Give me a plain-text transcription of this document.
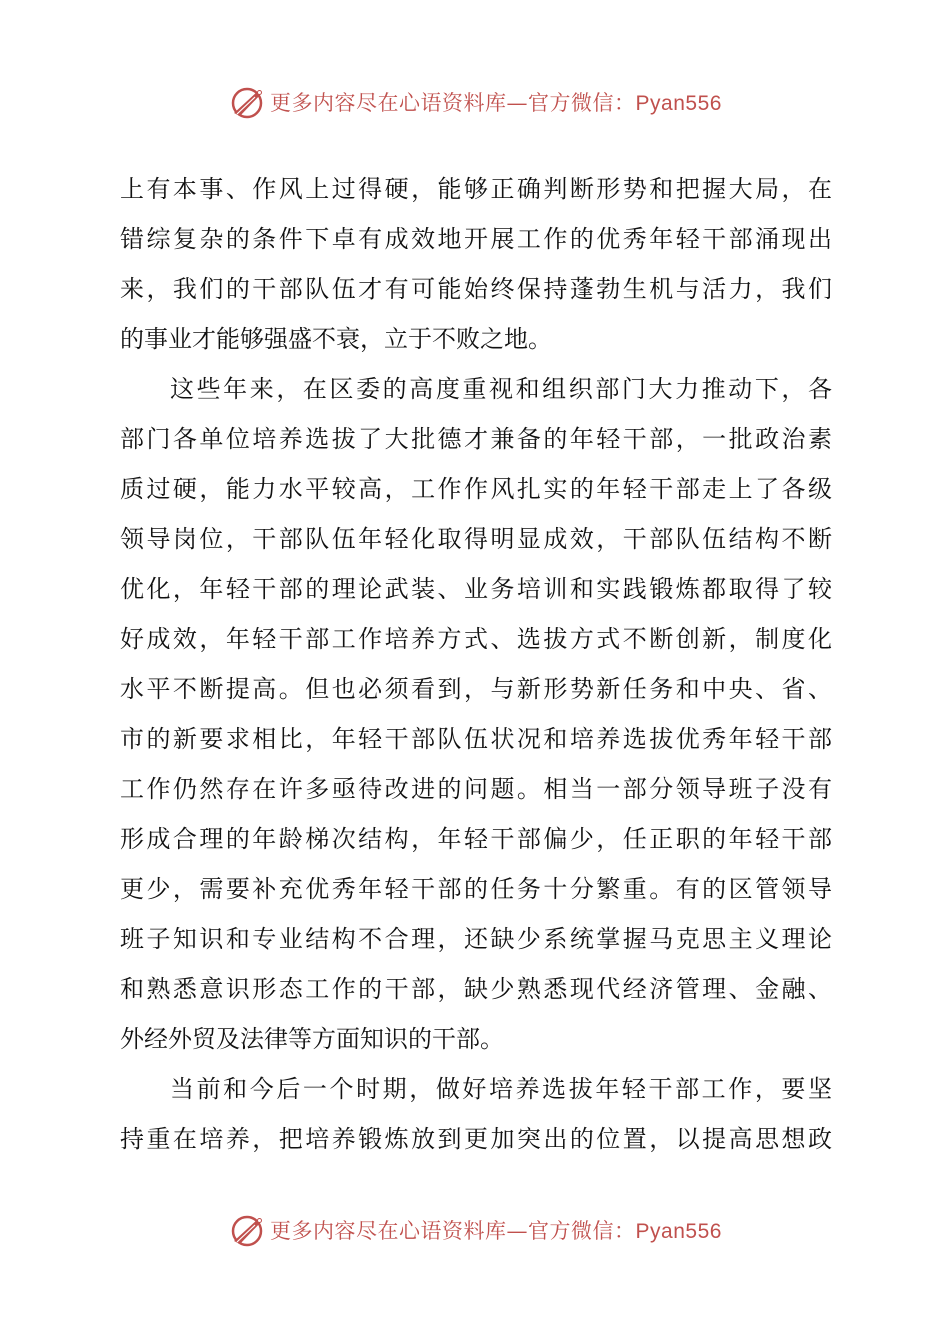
更多内容尽在心语资料库—官方微信：Pyan556
上有本事、作风上过得硬，能够正确判断形势和把握大局，在
错综复杂的条件下卓有成效地开展工作的优秀年轻干部涌现出
来，我们的干部队伍才有可能始终保持蓬勃生机与活力，我们
的事业才能够强盛不衰，立于不败之地。
这些年来，在区委的高度重视和组织部门大力推动下，各
部门各单位培养选拔了大批德才兼备的年轻干部，一批政治素
质过硬，能力水平较高，工作作风扎实的年轻干部走上了各级
领导岗位，干部队伍年轻化取得明显成效，干部队伍结构不断
优化，年轻干部的理论武装、业务培训和实践锻炼都取得了较
好成效，年轻干部工作培养方式、选拔方式不断创新，制度化
水平不断提高。但也必须看到，与新形势新任务和中央、省、
市的新要求相比，年轻干部队伍状况和培养选拔优秀年轻干部
工作仍然存在许多亟待改进的问题。相当一部分领导班子没有
形成合理的年龄梯次结构，年轻干部偏少，任正职的年轻干部
更少，需要补充优秀年轻干部的任务十分繁重。有的区管领导
班子知识和专业结构不合理，还缺少系统掌握马克思主义理论
和熟悉意识形态工作的干部，缺少熟悉现代经济管理、金融、
外经外贸及法律等方面知识的干部。
当前和今后一个时期，做好培养选拔年轻干部工作，要坚
持重在培养，把培养锻炼放到更加突出的位置，以提高思想政
更多内容尽在心语资料库—官方微信：Pyan556
